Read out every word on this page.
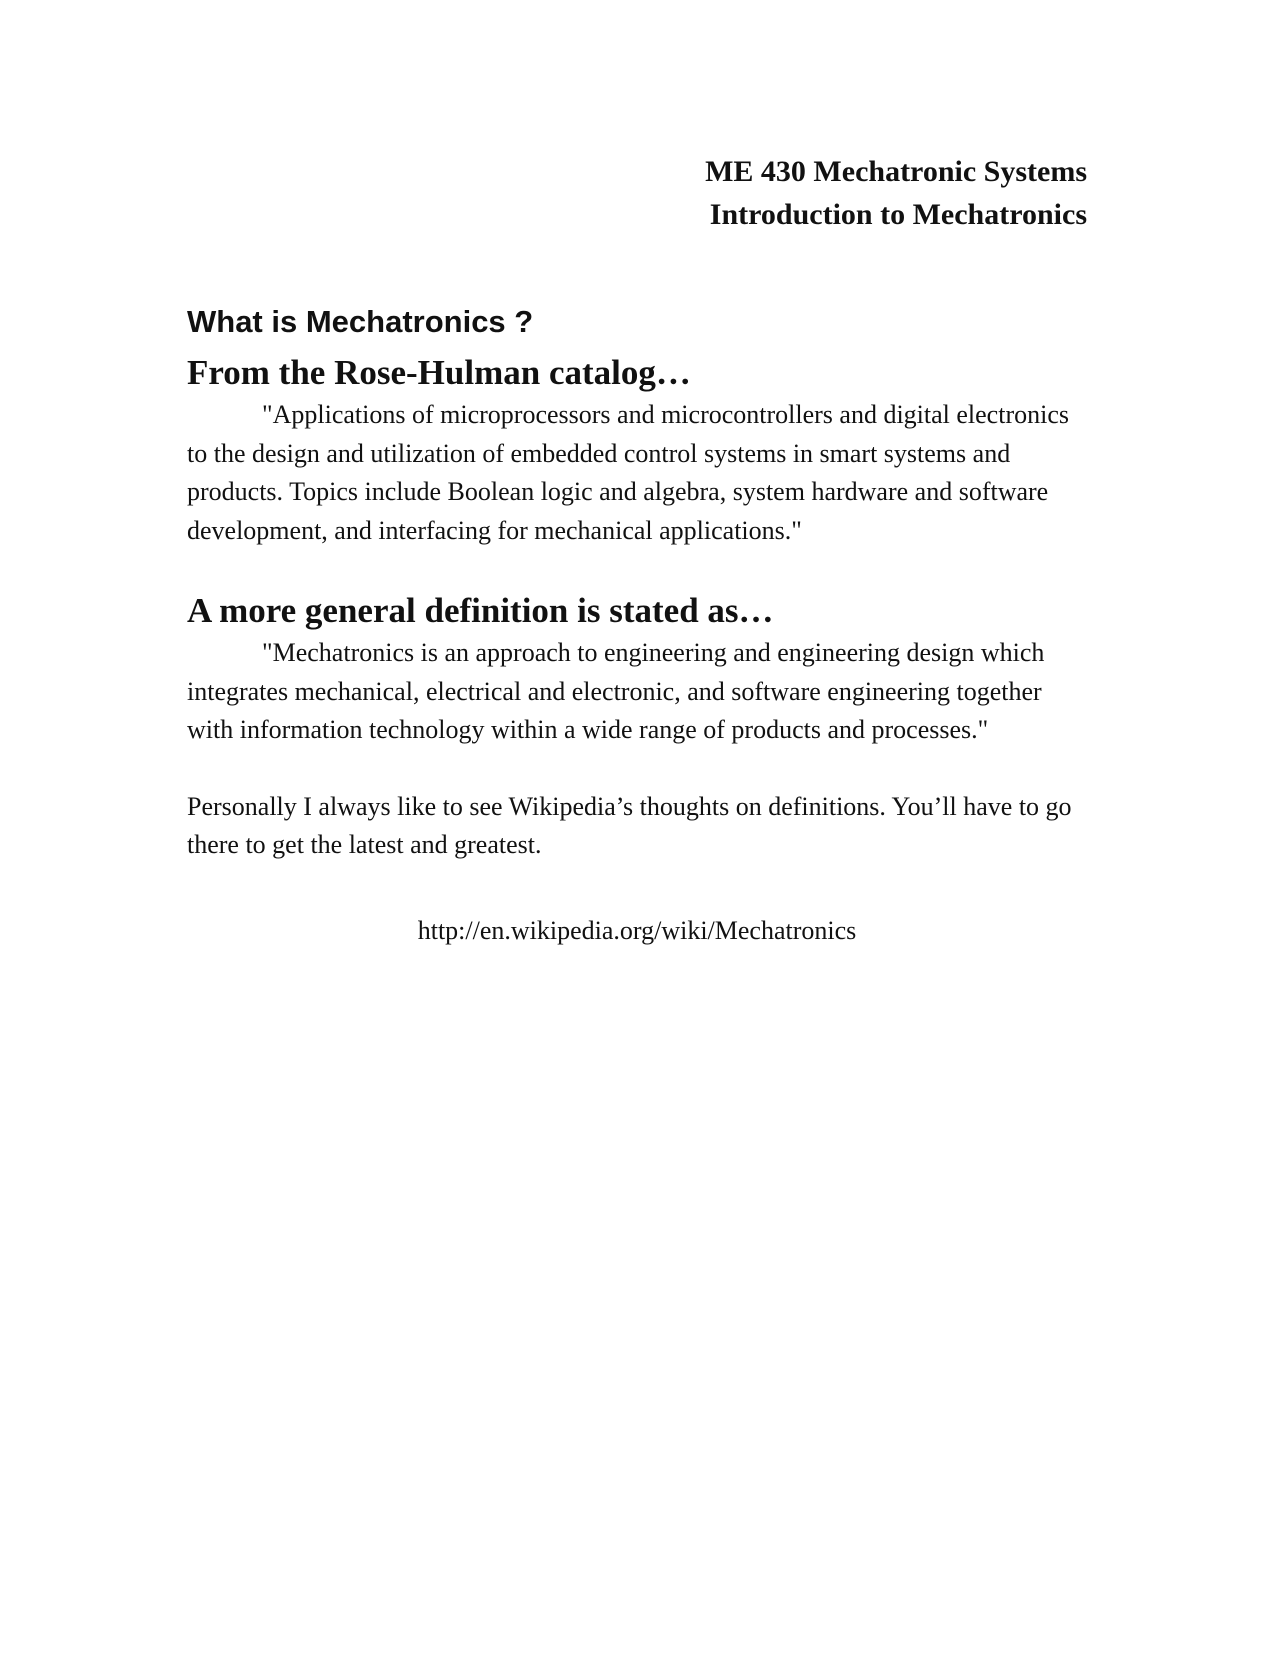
ME 430 Mechatronic Systems
Introduction to Mechatronics
What is Mechatronics ?
From the Rose-Hulman catalog…

"Applications of microprocessors and microcontrollers and digital electronics to the design and utilization of embedded control systems in smart systems and products. Topics include Boolean logic and algebra, system hardware and software development, and interfacing for mechanical applications."

A more general definition is stated as…

"Mechatronics is an approach to engineering and engineering design which integrates mechanical, electrical and electronic, and software engineering together with information technology within a wide range of products and processes."

Personally I always like to see Wikipedia’s thoughts on definitions. You’ll have to go there to get the latest and greatest.

http://en.wikipedia.org/wiki/Mechatronics
